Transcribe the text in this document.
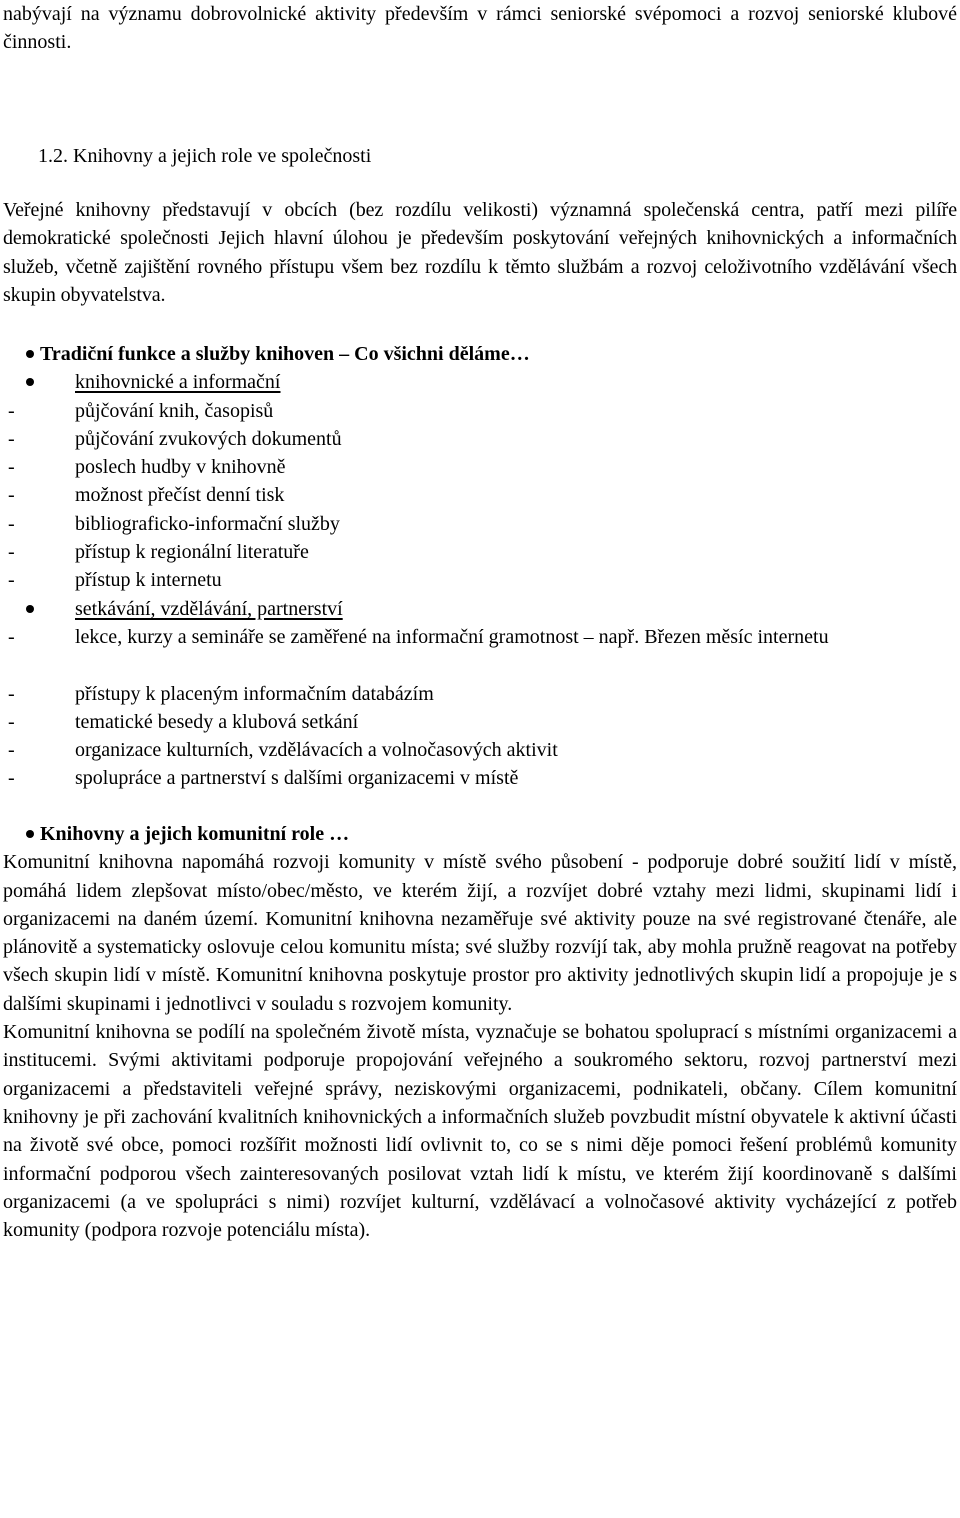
nabývají na významu dobrovolnické aktivity především v rámci seniorské svépomoci a rozvoj seniorské klubové činnosti.

1.2. Knihovny a jejich role ve společnosti

Veřejné knihovny představují v obcích (bez rozdílu velikosti) významná společenská centra, patří mezi pilíře demokratické společnosti Jejich hlavní úlohou je především poskytování veřejných knihovnických a informačních služeb, včetně zajištění rovného přístupu všem bez rozdílu k těmto službám a rozvoj celoživotního vzdělávání všech skupin obyvatelstva.

Tradiční funkce a služby knihoven – Co všichni děláme…
knihovnické a informační
-	půjčování knih, časopisů
-	půjčování zvukových dokumentů
-	poslech hudby v knihovně
-	možnost přečíst denní tisk
-	bibliograficko-informační služby
-	přístup k regionální literatuře
-	přístup k internetu
setkávání, vzdělávání, partnerství
-	lekce, kurzy a semináře se zaměřené na informační gramotnost – např. Březen měsíc internetu
-	přístupy k placeným informačním databázím
-	tematické besedy a klubová setkání
-	organizace kulturních, vzdělávacích a volnočasových aktivit
-	spolupráce a partnerství s dalšími organizacemi v místě
Knihovny a jejich komunitní role …

Komunitní knihovna napomáhá rozvoji komunity v místě svého působení - podporuje dobré soužití lidí v místě, pomáhá lidem zlepšovat místo/obec/město, ve kterém žijí, a rozvíjet dobré vztahy mezi lidmi, skupinami lidí i organizacemi na daném území. Komunitní knihovna nezaměřuje své aktivity pouze na své registrované čtenáře, ale plánovitě a systematicky oslovuje celou komunitu místa; své služby rozvíjí tak, aby mohla pružně reagovat na potřeby všech skupin lidí v místě. Komunitní knihovna poskytuje prostor pro aktivity jednotlivých skupin lidí a propojuje je s dalšími skupinami i jednotlivci v souladu s rozvojem komunity.

Komunitní knihovna se podílí na společném životě místa, vyznačuje se bohatou spoluprací s místními organizacemi a institucemi. Svými aktivitami podporuje propojování veřejného a soukromého sektoru, rozvoj partnerství mezi organizacemi a představiteli veřejné správy, neziskovými organizacemi, podnikateli, občany. Cílem komunitní knihovny je při zachování kvalitních knihovnických a informačních služeb povzbudit místní obyvatele k aktivní účasti na životě své obce, pomoci rozšířit možnosti lidí ovlivnit to, co se s nimi děje pomoci řešení problémů komunity informační podporou všech zainteresovaných posilovat vztah lidí k místu, ve kterém žijí koordinovaně s dalšími organizacemi (a ve spolupráci s nimi) rozvíjet kulturní, vzdělávací a volnočasové aktivity vycházející z potřeb komunity (podpora rozvoje potenciálu místa).
